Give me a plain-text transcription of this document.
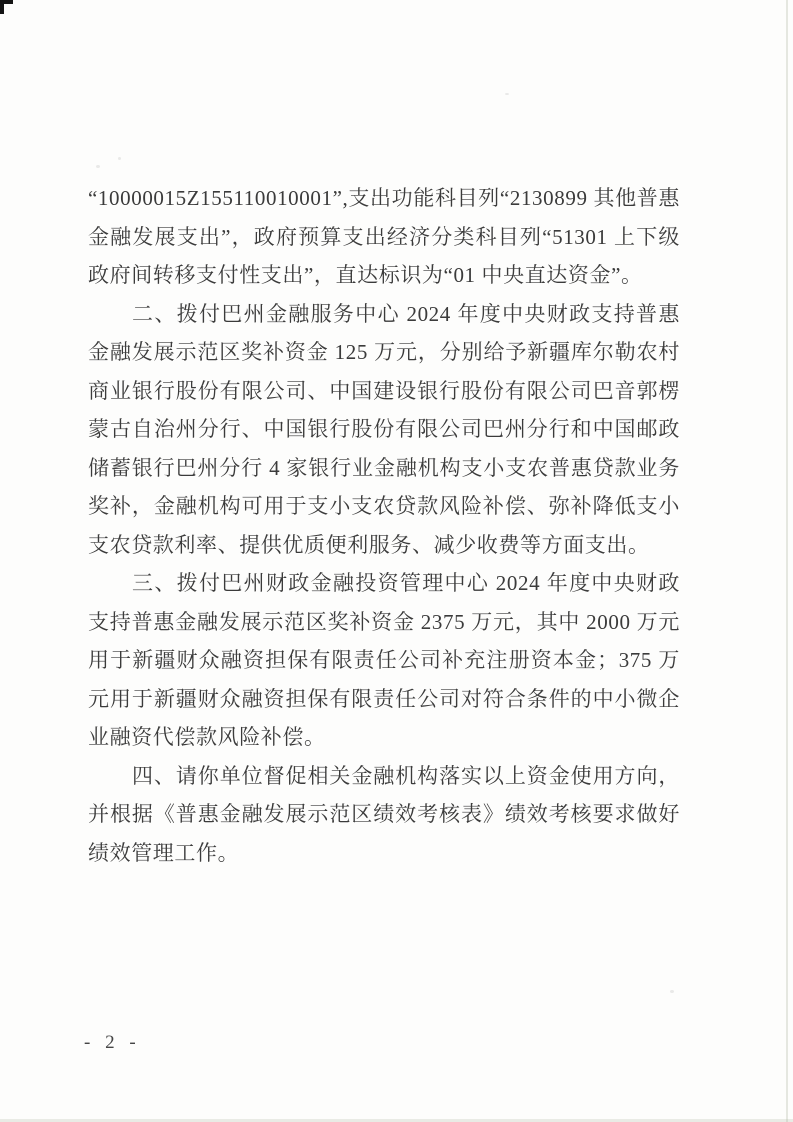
“10000015Z155110010001”,支出功能科目列“2130899 其他普惠金融发展支出”，政府预算支出经济分类科目列“51301 上下级政府间转移支付性支出”，直达标识为“01 中央直达资金”。

二、拨付巴州金融服务中心 2024 年度中央财政支持普惠金融发展示范区奖补资金 125 万元，分别给予新疆库尔勒农村商业银行股份有限公司、中国建设银行股份有限公司巴音郭楞蒙古自治州分行、中国银行股份有限公司巴州分行和中国邮政储蓄银行巴州分行 4 家银行业金融机构支小支农普惠贷款业务奖补，金融机构可用于支小支农贷款风险补偿、弥补降低支小支农贷款利率、提供优质便利服务、减少收费等方面支出。

三、拨付巴州财政金融投资管理中心 2024 年度中央财政支持普惠金融发展示范区奖补资金 2375 万元，其中 2000 万元用于新疆财众融资担保有限责任公司补充注册资本金；375 万元用于新疆财众融资担保有限责任公司对符合条件的中小微企业融资代偿款风险补偿。

四、请你单位督促相关金融机构落实以上资金使用方向，并根据《普惠金融发展示范区绩效考核表》绩效考核要求做好绩效管理工作。

- 2 -
